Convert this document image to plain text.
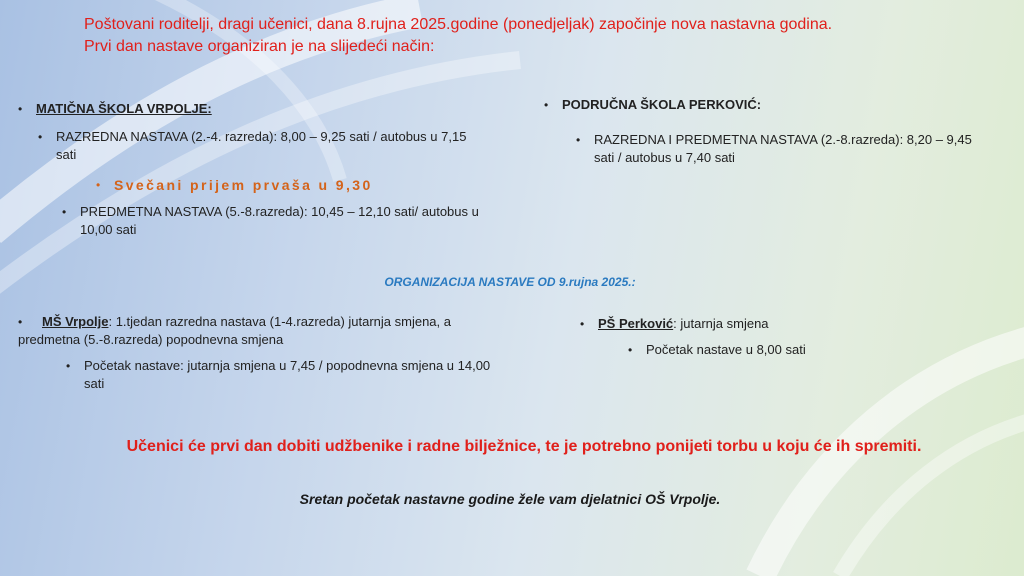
Poštovani roditelji, dragi učenici, dana 8.rujna 2025.godine (ponedjeljak) započinje nova nastavna godina.
Prvi dan nastave organiziran je na slijedeći način:
•	MATIČNA ŠKOLA VRPOLJE:
•	RAZREDNA NASTAVA (2.-4. razreda): 8,00 – 9,25 sati / autobus u 7,15 sati
• Svečani prijem prvaša u 9,30
•	PREDMETNA NASTAVA (5.-8.razreda): 10,45 – 12,10 sati/ autobus u 10,00 sati
•	PODRUČNA ŠKOLA PERKOVIĆ:
•	RAZREDNA I PREDMETNA NASTAVA (2.-8.razreda): 8,20 – 9,45 sati / autobus u 7,40 sati
ORGANIZACIJA NASTAVE OD 9.rujna 2025.:
• MŠ Vrpolje: 1.tjedan razredna nastava (1-4.razreda) jutarnja smjena, a predmetna (5.-8.razreda) popodnevna smjena
•	Početak nastave: jutarnja smjena u 7,45 / popodnevna smjena u 14,00 sati
•	PŠ Perković: jutarnja smjena
•	Početak nastave u 8,00 sati
Učenici će prvi dan dobiti udžbenike i radne bilježnice, te je potrebno ponijeti torbu u koju će ih spremiti.
Sretan početak nastavne godine žele vam djelatnici OŠ Vrpolje.
